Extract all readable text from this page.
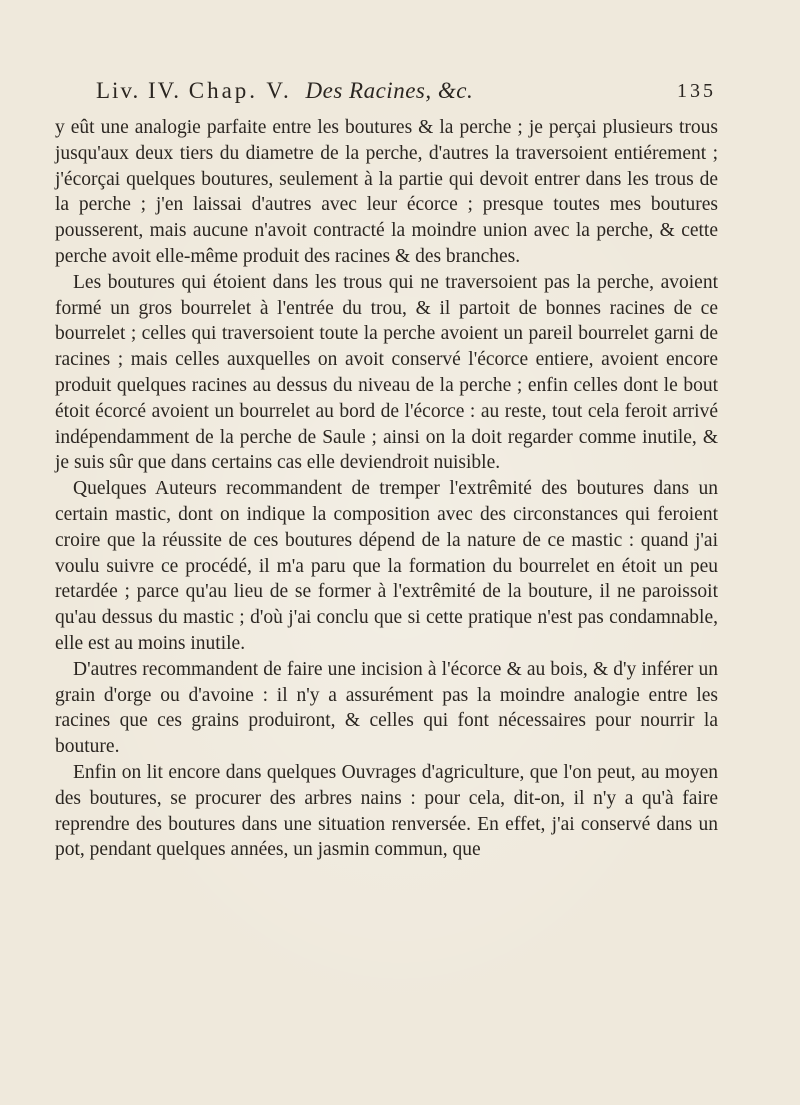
Liv. IV. Chap. V. Des Racines, &c.	135

y eût une analogie parfaite entre les boutures & la perche ; je perçai plusieurs trous jusqu'aux deux tiers du diametre de la perche, d'autres la traversoient entiérement ; j'écorçai quelques boutures, seulement à la partie qui devoit entrer dans les trous de la perche ; j'en laissai d'autres avec leur écorce ; presque toutes mes boutures pousserent, mais aucune n'avoit contracté la moindre union avec la perche, & cette perche avoit elle-même produit des racines & des branches.

Les boutures qui étoient dans les trous qui ne traversoient pas la perche, avoient formé un gros bourrelet à l'entrée du trou, & il partoit de bonnes racines de ce bourrelet ; celles qui traversoient toute la perche avoient un pareil bourrelet garni de racines ; mais celles auxquelles on avoit conservé l'écorce entiere, avoient encore produit quelques racines au dessus du niveau de la perche ; enfin celles dont le bout étoit écorcé avoient un bourrelet au bord de l'écorce : au reste, tout cela feroit arrivé indépendamment de la perche de Saule ; ainsi on la doit regarder comme inutile, & je suis sûr que dans certains cas elle deviendroit nuisible.

Quelques Auteurs recommandent de tremper l'extrêmité des boutures dans un certain mastic, dont on indique la composition avec des circonstances qui feroient croire que la réussite de ces boutures dépend de la nature de ce mastic : quand j'ai voulu suivre ce procédé, il m'a paru que la formation du bourrelet en étoit un peu retardée ; parce qu'au lieu de se former à l'extrêmité de la bouture, il ne paroissoit qu'au dessus du mastic ; d'où j'ai conclu que si cette pratique n'est pas condamnable, elle est au moins inutile.

D'autres recommandent de faire une incision à l'écorce & au bois, & d'y inférer un grain d'orge ou d'avoine : il n'y a assurément pas la moindre analogie entre les racines que ces grains produiront, & celles qui font nécessaires pour nourrir la bouture.

Enfin on lit encore dans quelques Ouvrages d'agriculture, que l'on peut, au moyen des boutures, se procurer des arbres nains : pour cela, dit-on, il n'y a qu'à faire reprendre des boutures dans une situation renversée. En effet, j'ai conservé dans un pot, pendant quelques années, un jasmin commun, que
